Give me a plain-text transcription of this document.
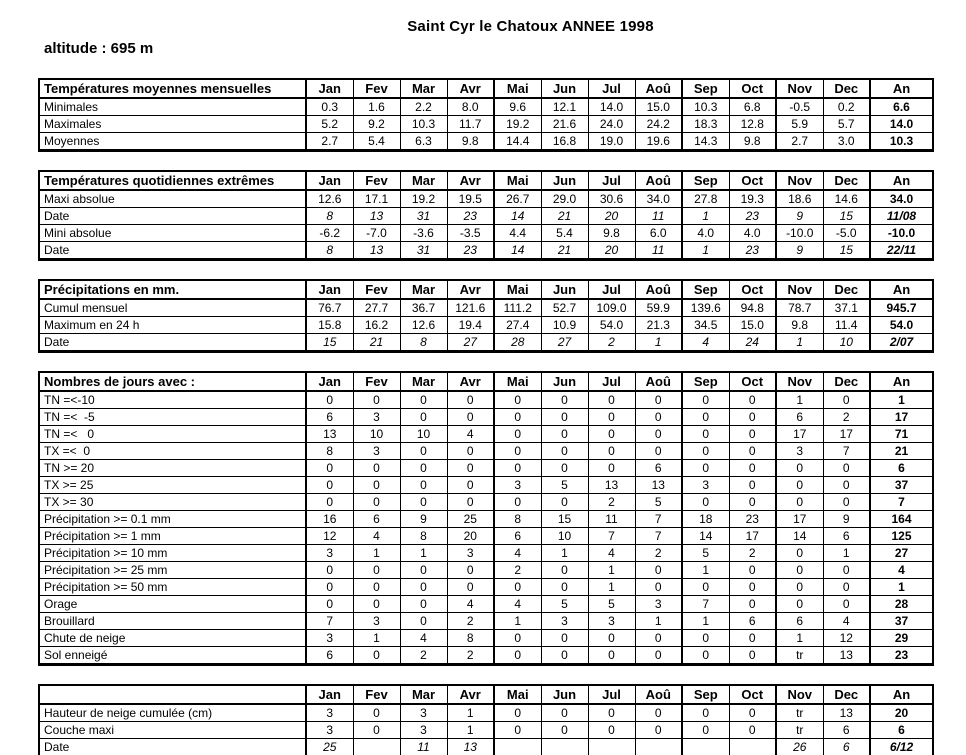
Saint Cyr le Chatoux ANNEE 1998
altitude : 695 m
Températures moyennes mensuelles	Jan	Fev	Mar	Avr	Mai	Jun	Jul	Aoû	Sep	Oct	Nov	Dec	An
Minimales	0.3	1.6	2.2	8.0	9.6	12.1	14.0	15.0	10.3	6.8	-0.5	0.2	6.6
Maximales	5.2	9.2	10.3	11.7	19.2	21.6	24.0	24.2	18.3	12.8	5.9	5.7	14.0
Moyennes	2.7	5.4	6.3	9.8	14.4	16.8	19.0	19.6	14.3	9.8	2.7	3.0	10.3
Températures quotidiennes extrêmes	Jan	Fev	Mar	Avr	Mai	Jun	Jul	Aoû	Sep	Oct	Nov	Dec	An
Maxi absolue	12.6	17.1	19.2	19.5	26.7	29.0	30.6	34.0	27.8	19.3	18.6	14.6	34.0
Date	8	13	31	23	14	21	20	11	1	23	9	15	11/08
Mini absolue	-6.2	-7.0	-3.6	-3.5	4.4	5.4	9.8	6.0	4.0	4.0	-10.0	-5.0	-10.0
Date	8	13	31	23	14	21	20	11	1	23	9	15	22/11
Précipitations en mm.	Jan	Fev	Mar	Avr	Mai	Jun	Jul	Aoû	Sep	Oct	Nov	Dec	An
Cumul mensuel	76.7	27.7	36.7	121.6	111.2	52.7	109.0	59.9	139.6	94.8	78.7	37.1	945.7
Maximum en 24 h	15.8	16.2	12.6	19.4	27.4	10.9	54.0	21.3	34.5	15.0	9.8	11.4	54.0
Date	15	21	8	27	28	27	2	1	4	24	1	10	2/07
Nombres de jours avec :	Jan	Fev	Mar	Avr	Mai	Jun	Jul	Aoû	Sep	Oct	Nov	Dec	An
TN =<-10	0	0	0	0	0	0	0	0	0	0	1	0	1
TN =<  -5	6	3	0	0	0	0	0	0	0	0	6	2	17
TN =<   0	13	10	10	4	0	0	0	0	0	0	17	17	71
TX =<  0	8	3	0	0	0	0	0	0	0	0	3	7	21
TN >= 20	0	0	0	0	0	0	0	6	0	0	0	0	6
TX >= 25	0	0	0	0	3	5	13	13	3	0	0	0	37
TX >= 30	0	0	0	0	0	0	2	5	0	0	0	0	7
Précipitation >= 0.1 mm	16	6	9	25	8	15	11	7	18	23	17	9	164
Précipitation >= 1 mm	12	4	8	20	6	10	7	7	14	17	14	6	125
Précipitation >= 10 mm	3	1	1	3	4	1	4	2	5	2	0	1	27
Précipitation >= 25 mm	0	0	0	0	2	0	1	0	1	0	0	0	4
Précipitation >= 50 mm	0	0	0	0	0	0	1	0	0	0	0	0	1
Orage	0	0	0	4	4	5	5	3	7	0	0	0	28
Brouillard	7	3	0	2	1	3	3	1	1	6	6	4	37
Chute de neige	3	1	4	8	0	0	0	0	0	0	1	12	29
Sol enneigé	6	0	2	2	0	0	0	0	0	0	tr	13	23
	Jan	Fev	Mar	Avr	Mai	Jun	Jul	Aoû	Sep	Oct	Nov	Dec	An
Hauteur de neige cumulée (cm)	3	0	3	1	0	0	0	0	0	0	tr	13	20
Couche maxi	3	0	3	1	0	0	0	0	0	0	tr	6	6
Date	25		11	13							26	6	6/12
